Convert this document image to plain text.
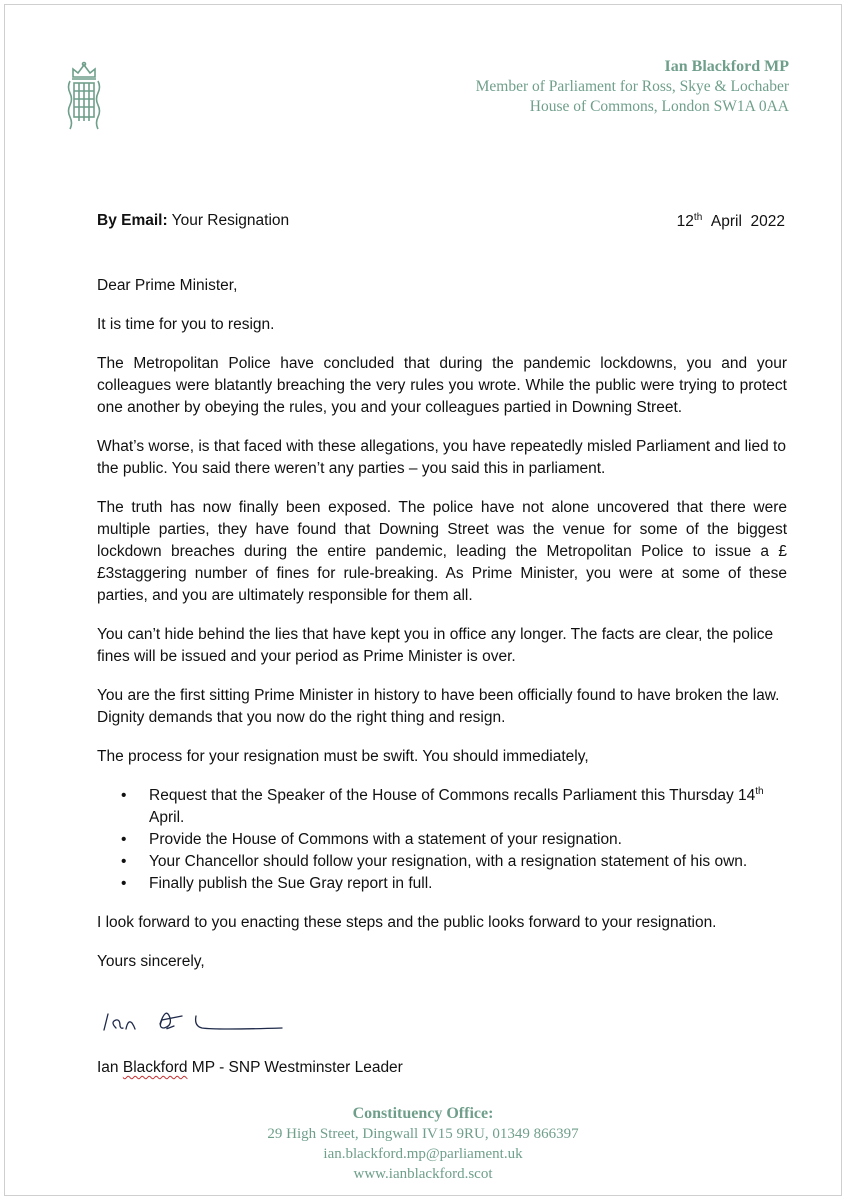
Ian Blackford MP
Member of Parliament for Ross, Skye & Lochaber
House of Commons, London SW1A 0AA
By Email: Your Resignation	12th April  2022

Dear Prime Minister,

It is time for you to resign.

The Metropolitan Police have concluded that during the pandemic lockdowns, you and your colleagues were blatantly breaching the very rules you wrote. While the public were trying to protect one another by obeying the rules, you and your colleagues partied in Downing Street.

What’s worse, is that faced with these allegations, you have repeatedly misled Parliament and lied to the public. You said there weren’t any parties – you said this in parliament.

The truth has now finally been exposed. The police have not alone uncovered that there were multiple parties, they have found that Downing Street was the venue for some of the biggest lockdown breaches during the entire pandemic, leading the Metropolitan Police to issue a ££3staggering number of fines for rule-breaking. As Prime Minister, you were at some of these parties, and you are ultimately responsible for them all.

You can’t hide behind the lies that have kept you in office any longer. The facts are clear, the police fines will be issued and your period as Prime Minister is over.

You are the first sitting Prime Minister in history to have been officially found to have broken the law. Dignity demands that you now do the right thing and resign.

The process for your resignation must be swift. You should immediately,

• Request that the Speaker of the House of Commons recalls Parliament this Thursday 14th
April.
• Provide the House of Commons with a statement of your resignation.
• Your Chancellor should follow your resignation, with a resignation statement of his own.
• Finally publish the Sue Gray report in full.

I look forward to you enacting these steps and the public looks forward to your resignation.

Yours sincerely,

Ian Blackford MP - SNP Westminster Leader
Constituency Office:
29 High Street, Dingwall IV15 9RU, 01349 866397
ian.blackford.mp@parliament.uk
www.ianblackford.scot
